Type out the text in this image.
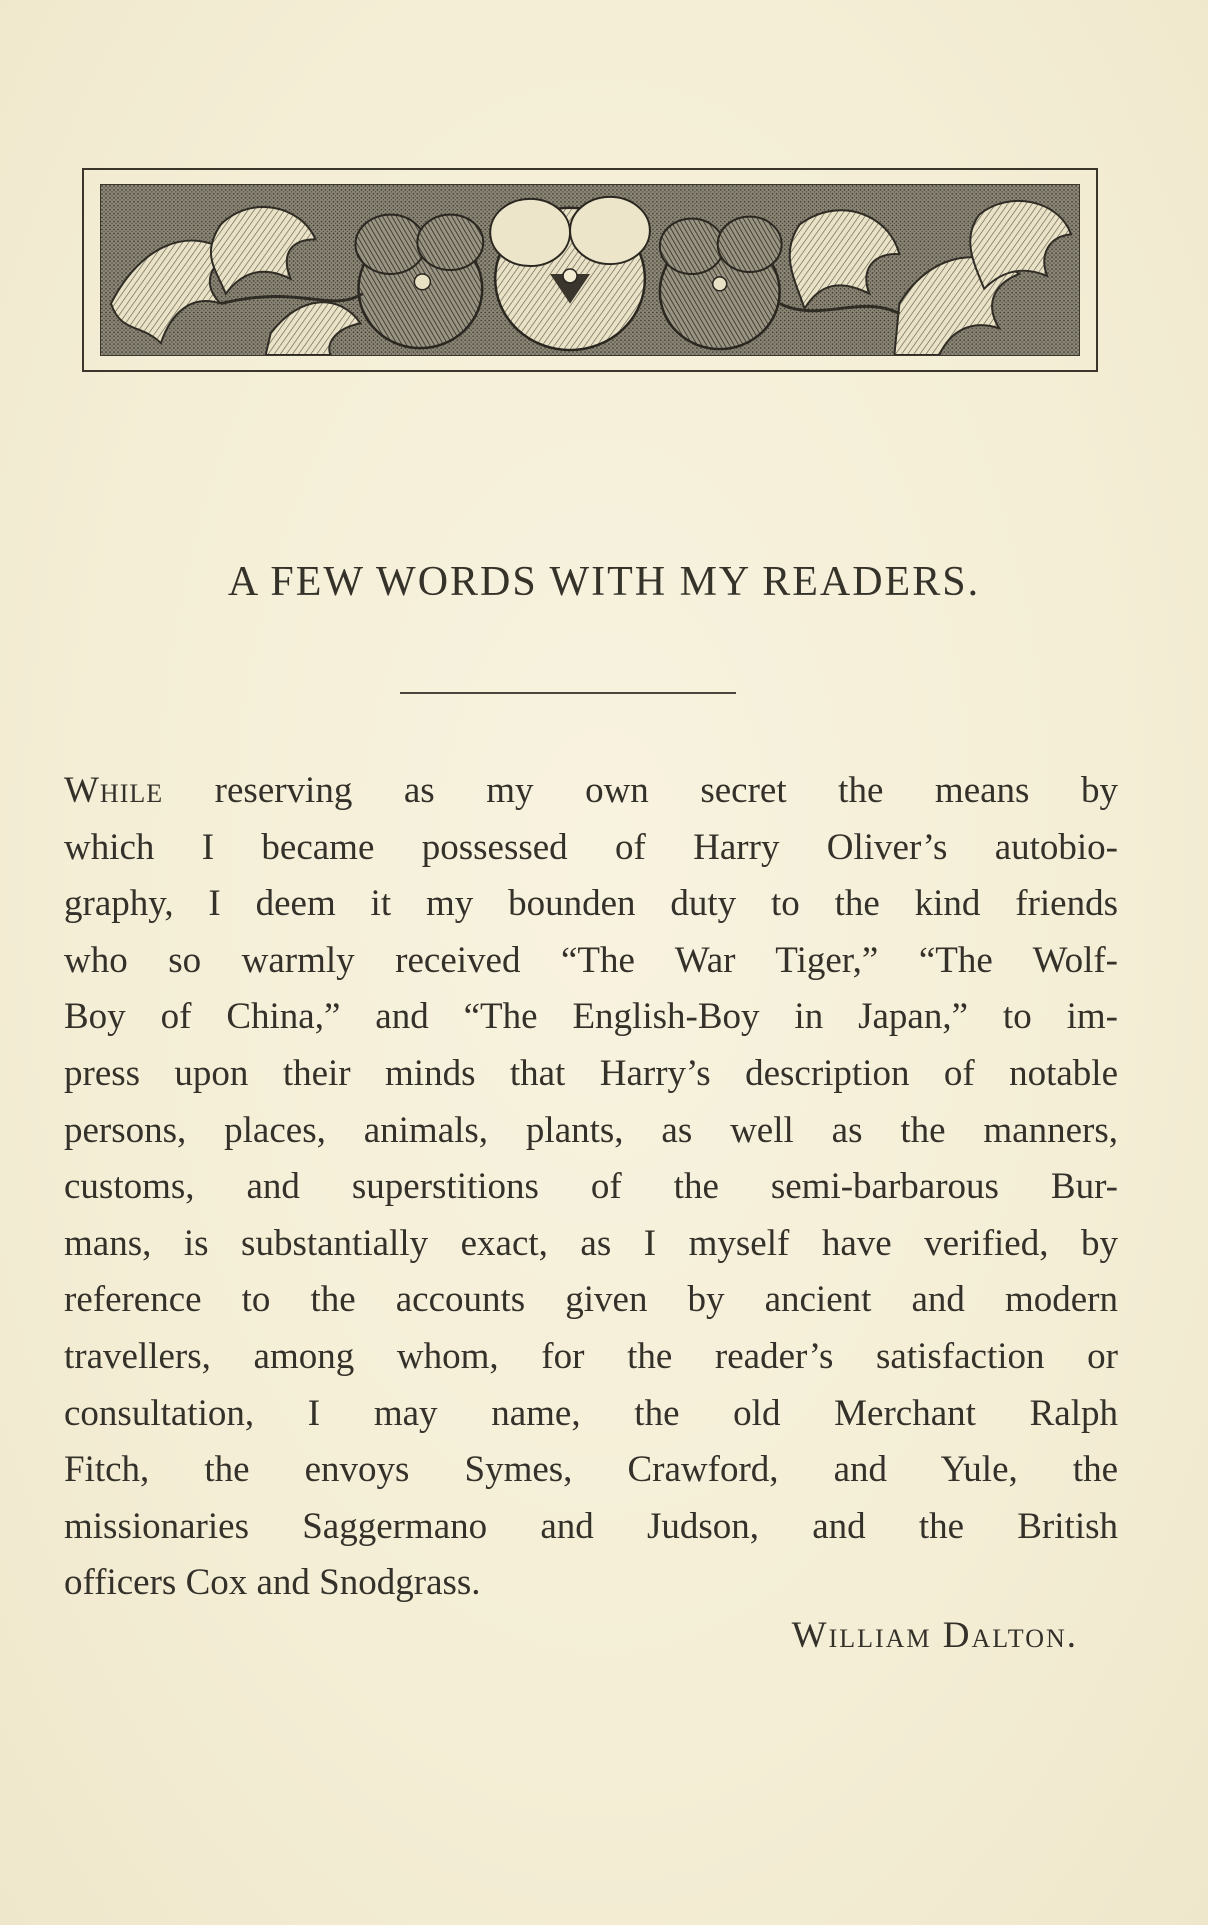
A FEW WORDS WITH MY READERS.
While reserving as my own secret the means by
which I became possessed of Harry Oliver’s autobio-
graphy, I deem it my bounden duty to the kind friends
who so warmly received “The War Tiger,” “The Wolf-
Boy of China,” and “The English-Boy in Japan,” to im-
press upon their minds that Harry’s description of notable
persons, places, animals, plants, as well as the manners,
customs, and superstitions of the semi-barbarous Bur-
mans, is substantially exact, as I myself have verified, by
reference to the accounts given by ancient and modern
travellers, among whom, for the reader’s satisfaction or
consultation, I may name, the old Merchant Ralph
Fitch, the envoys Symes, Crawford, and Yule, the
missionaries Saggermano and Judson, and the British
officers Cox and Snodgrass.

William Dalton.
